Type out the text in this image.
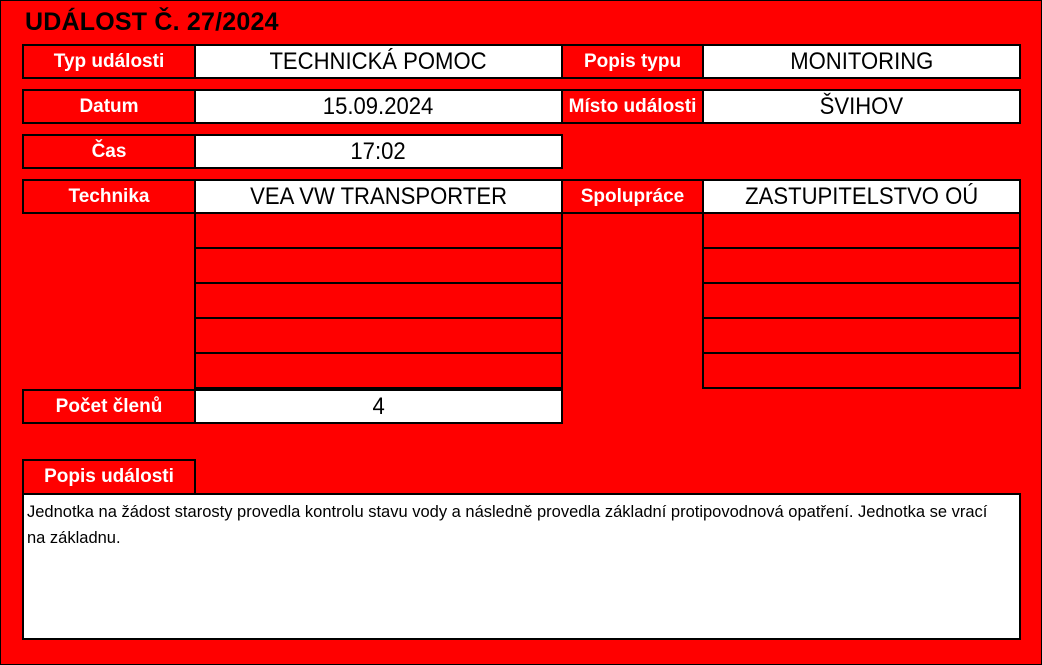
UDÁLOST Č. 27/2024
Typ události	TECHNICKÁ POMOC	Popis typu	MONITORING
Datum	15.09.2024	Místo události	ŠVIHOV
Čas	17:02
Technika	VEA VW TRANSPORTER	Spolupráce	ZASTUPITELSTVO OÚ
Počet členů	4
Popis události
Jednotka na žádost starosty provedla kontrolu stavu vody a následně provedla základní protipovodnová opatření. Jednotka se vrací na základnu.
